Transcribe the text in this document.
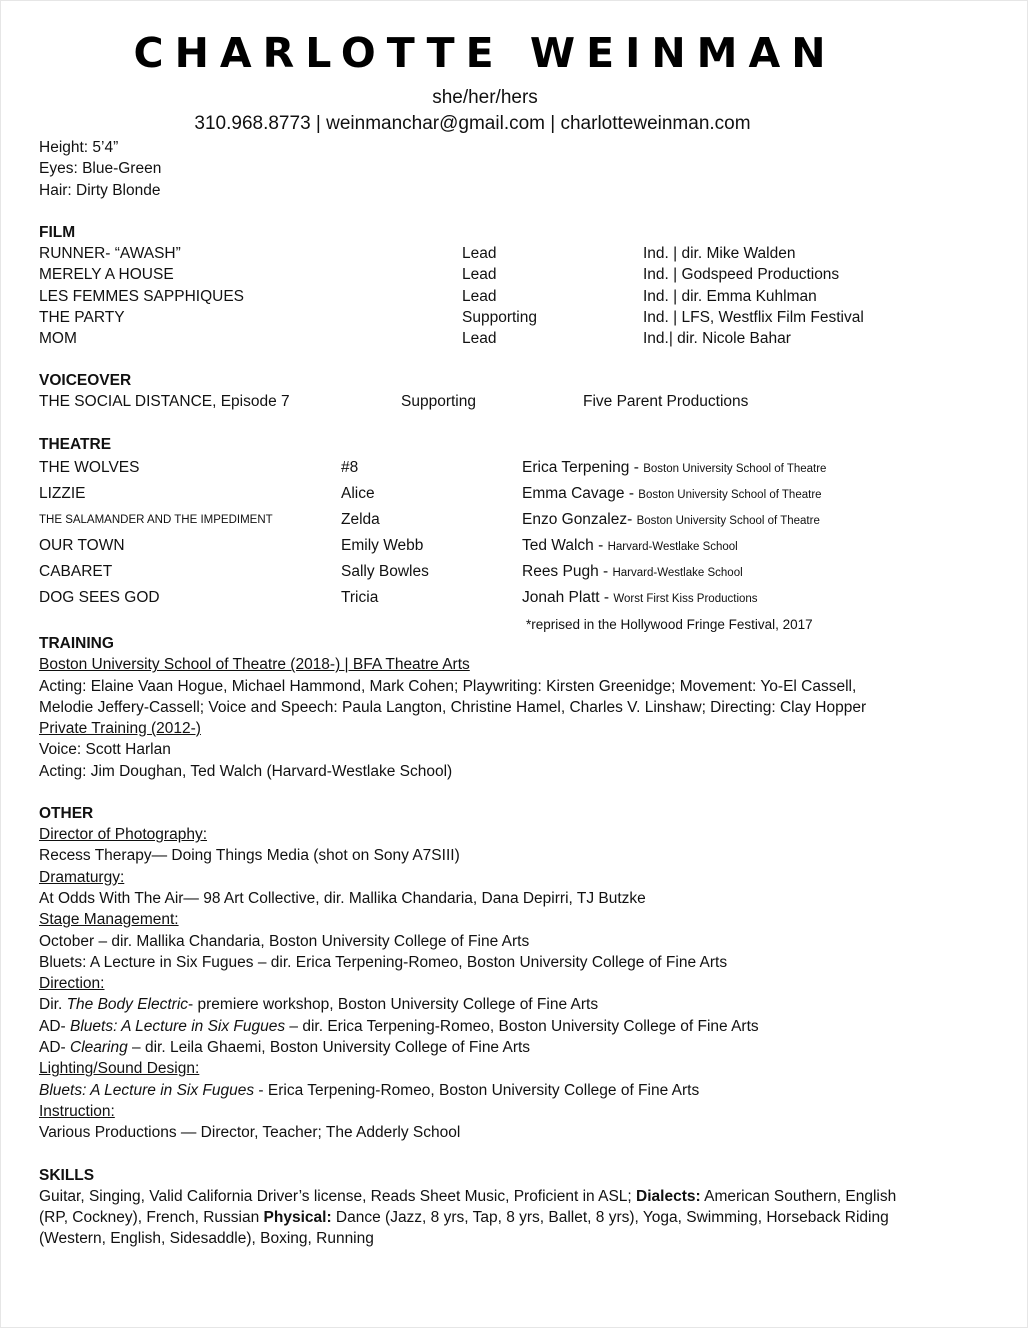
CHARLOTTE WEINMAN
she/her/hers
310.968.8773 | weinmanchar@gmail.com | charlotteweinman.com
Height: 5’4”
Eyes: Blue-Green
Hair: Dirty Blonde
FILM
RUNNER- “AWASH”	Lead	Ind. | dir. Mike Walden
MERELY A HOUSE	Lead	Ind. | Godspeed Productions
LES FEMMES SAPPHIQUES	Lead	Ind. | dir. Emma Kuhlman
THE PARTY	Supporting	Ind. | LFS, Westflix Film Festival
MOM	Lead	Ind.| dir. Nicole Bahar
VOICEOVER
THE SOCIAL DISTANCE, Episode 7	Supporting	Five Parent Productions
THEATRE
THE WOLVES	#8	Erica Terpening - Boston University School of Theatre
LIZZIE	Alice	Emma Cavage - Boston University School of Theatre
THE SALAMANDER AND THE IMPEDIMENT	Zelda	Enzo Gonzalez- Boston University School of Theatre
OUR TOWN	Emily Webb	Ted Walch - Harvard-Westlake School
CABARET	Sally Bowles	Rees Pugh - Harvard-Westlake School
DOG SEES GOD	Tricia	Jonah Platt - Worst First Kiss Productions
*reprised in the Hollywood Fringe Festival, 2017
TRAINING
Boston University School of Theatre (2018-) | BFA Theatre Arts
Acting: Elaine Vaan Hogue, Michael Hammond, Mark Cohen; Playwriting: Kirsten Greenidge; Movement: Yo-El Cassell, Melodie Jeffery-Cassell; Voice and Speech: Paula Langton, Christine Hamel, Charles V. Linshaw; Directing: Clay Hopper
Private Training (2012-)
Voice: Scott Harlan
Acting: Jim Doughan, Ted Walch (Harvard-Westlake School)
OTHER
Director of Photography:
Recess Therapy— Doing Things Media (shot on Sony A7SIII)
Dramaturgy:
At Odds With The Air— 98 Art Collective, dir. Mallika Chandaria, Dana Depirri, TJ Butzke
Stage Management:
October – dir. Mallika Chandaria, Boston University College of Fine Arts
Bluets: A Lecture in Six Fugues – dir. Erica Terpening-Romeo, Boston University College of Fine Arts
Direction:
Dir. The Body Electric- premiere workshop, Boston University College of Fine Arts
AD- Bluets: A Lecture in Six Fugues – dir. Erica Terpening-Romeo, Boston University College of Fine Arts
AD- Clearing – dir. Leila Ghaemi, Boston University College of Fine Arts
Lighting/Sound Design:
Bluets: A Lecture in Six Fugues - Erica Terpening-Romeo, Boston University College of Fine Arts
Instruction:
Various Productions — Director, Teacher; The Adderly School
SKILLS
Guitar, Singing, Valid California Driver’s license, Reads Sheet Music, Proficient in ASL; Dialects: American Southern, English (RP, Cockney), French, Russian Physical: Dance (Jazz, 8 yrs, Tap, 8 yrs, Ballet, 8 yrs), Yoga, Swimming, Horseback Riding (Western, English, Sidesaddle), Boxing, Running
